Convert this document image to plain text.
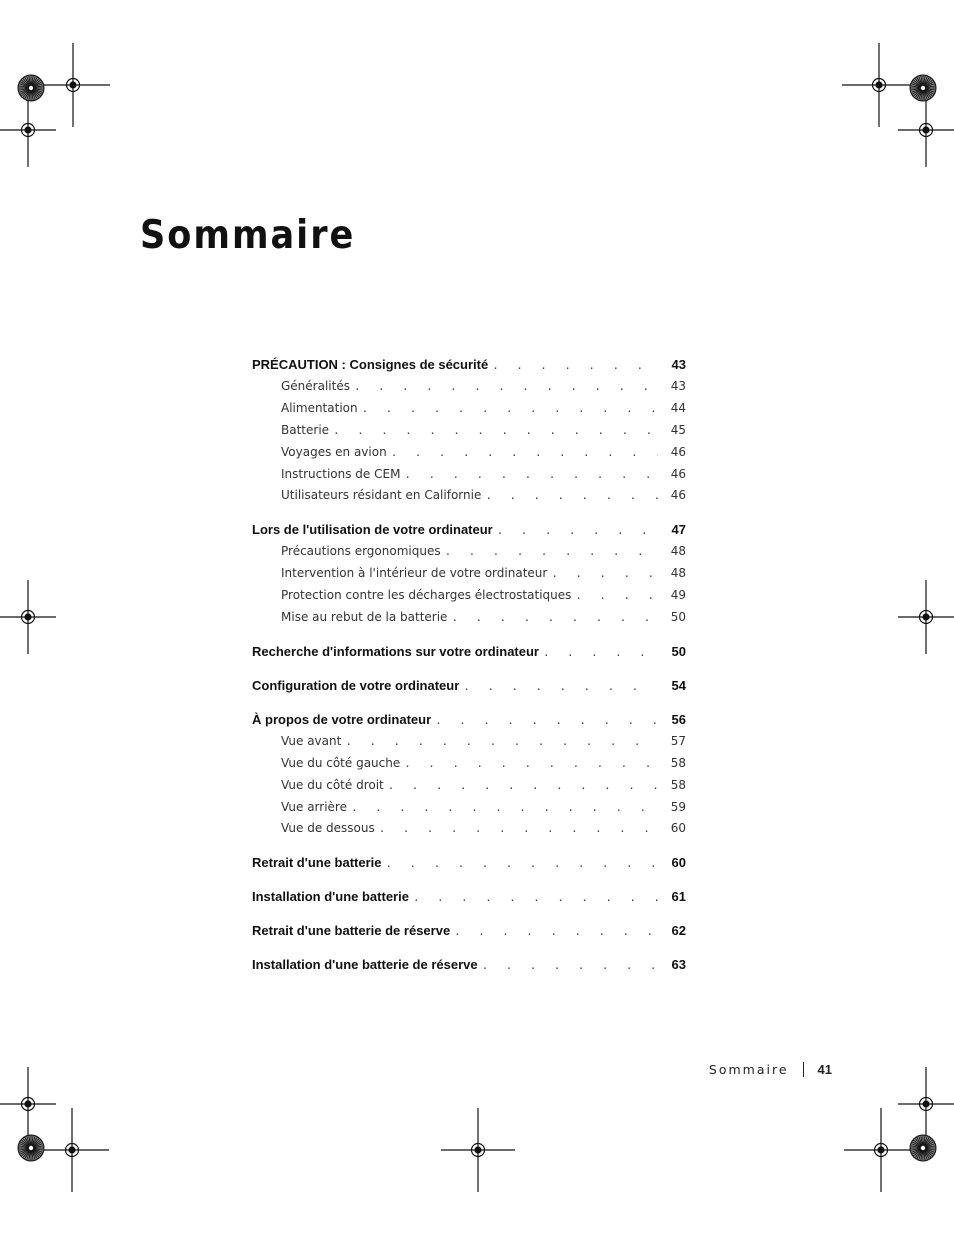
Sommaire
PRÉCAUTION : Consignes de sécurité . . .	43
Généralités . . .	43
Alimentation . . .	44
Batterie . . .	45
Voyages en avion . . .	46
Instructions de CEM . . .	46
Utilisateurs résidant en Californie . . .	46
Lors de l'utilisation de votre ordinateur . . .	47
Précautions ergonomiques . . .	48
Intervention à l'intérieur de votre ordinateur . . .	48
Protection contre les décharges électrostatiques . . .	49
Mise au rebut de la batterie . . .	50
Recherche d'informations sur votre ordinateur . . .	50
Configuration de votre ordinateur . . .	54
À propos de votre ordinateur . . .	56
Vue avant . . .	57
Vue du côté gauche . . .	58
Vue du côté droit . . .	58
Vue arrière . . .	59
Vue de dessous . . .	60
Retrait d'une batterie . . .	60
Installation d'une batterie . . .	61
Retrait d'une batterie de réserve . . .	62
Installation d'une batterie de réserve . . .	63
Sommaire 41
